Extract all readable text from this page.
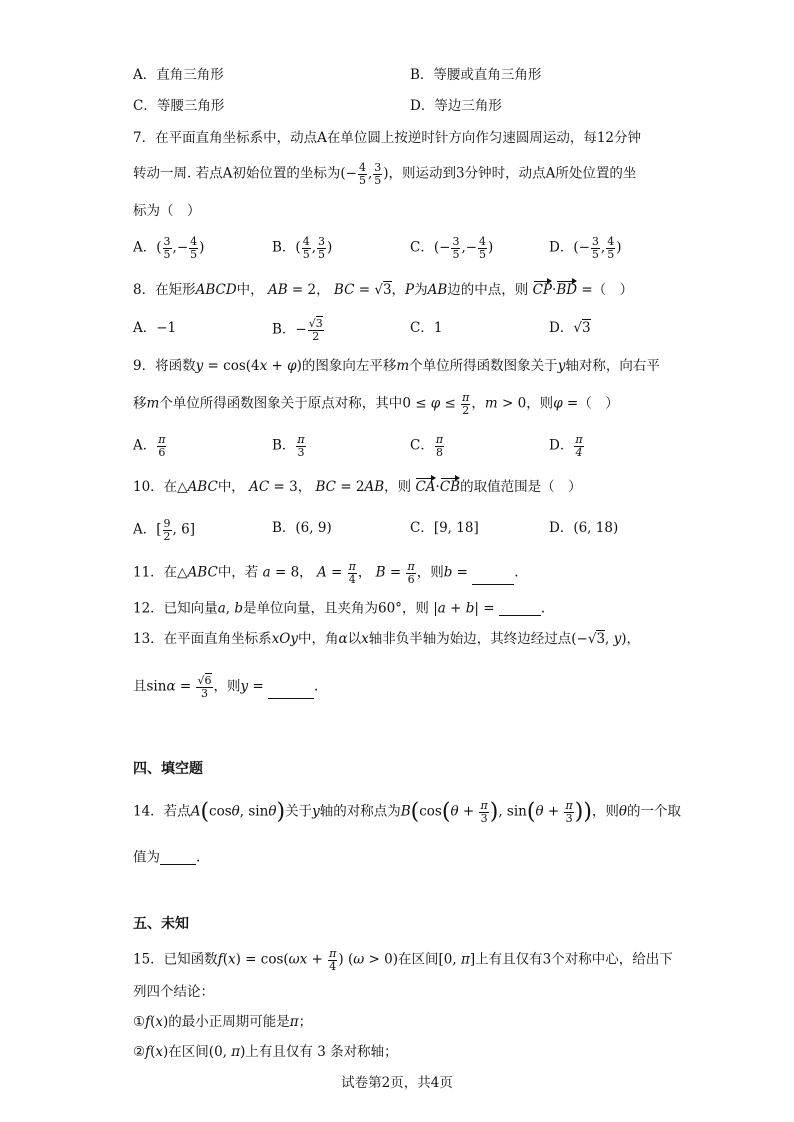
A．直角三角形	B．等腰或直角三角形
C．等腰三角形	D．等边三角形
7．在平面直角坐标系中，动点A在单位圆上按逆时针方向作匀速圆周运动，每12分钟
转动一周. 若点A初始位置的坐标为(− $\frac{4}{5}$ , $\frac{3}{5}$ )，则运动到3分钟时，动点A所处位置的坐
标为（　）
A．( $\frac{3}{5}$ ,− $\frac{4}{5}$ )	B．( $\frac{4}{5}$ , $\frac{3}{5}$ )	C．(− $\frac{3}{5}$ ,− $\frac{4}{5}$ )	D．(− $\frac{3}{5}$ , $\frac{4}{5}$ )
8．在矩形ABCD中， AB = 2， BC = √3，P为AB边的中点，则 CP·BD =（　）
A．−1	B．− $\frac{√3}{2}$	C．1	D．√3
9．将函数y = cos(4x + φ)的图象向左平移m个单位所得函数图象关于y轴对称，向右平
移m个单位所得函数图象关于原点对称，其中$0 \le \varphi \le \frac{\pi}{2}$ ，m > 0，则φ =（　）
A． $\frac{\pi}{6}$	B． $\frac{\pi}{3}$	C． $\frac{\pi}{8}$	D． $\frac{\pi}{4}$
10．在△ABC中， AC = 3， BC = 2AB，则 CA·CB的取值范围是（　）
A．[ $\frac{9}{2}$ , 6]	B．(6, 9)	C．[9, 18]	D．(6, 18)
11．在△ABC中，若 a = 8， $A = \frac{\pi}{4}$ ， $B = \frac{\pi}{6}$ ，则b =	.
12．已知向量a, b是单位向量，且夹角为60°，则 |a + b| =	.
13．在平面直角坐标系xOy中，角α以x轴非负半轴为始边，其终边经过点(−√3, y)，
且$\sin\alpha = \frac{√6}{3}$ ，则y =	.
四、填空题
14．若点A(cosθ, sinθ)关于y轴的对称点为$B(\cos(\theta + \frac{\pi}{3}$ ), $\sin(\theta + \frac{\pi}{3}$ ))，则θ的一个取
值为	.
五、未知
15．已知函数$f(x) = \cos(\omega x + \frac{\pi}{4}$ ) (ω > 0)在区间[0, π]上有且仅有3个对称中心，给出下
列四个结论：
①f(x)的最小正周期可能是π；
②f(x)在区间(0, π)上有且仅有 3 条对称轴；
试卷第2页，共4页
